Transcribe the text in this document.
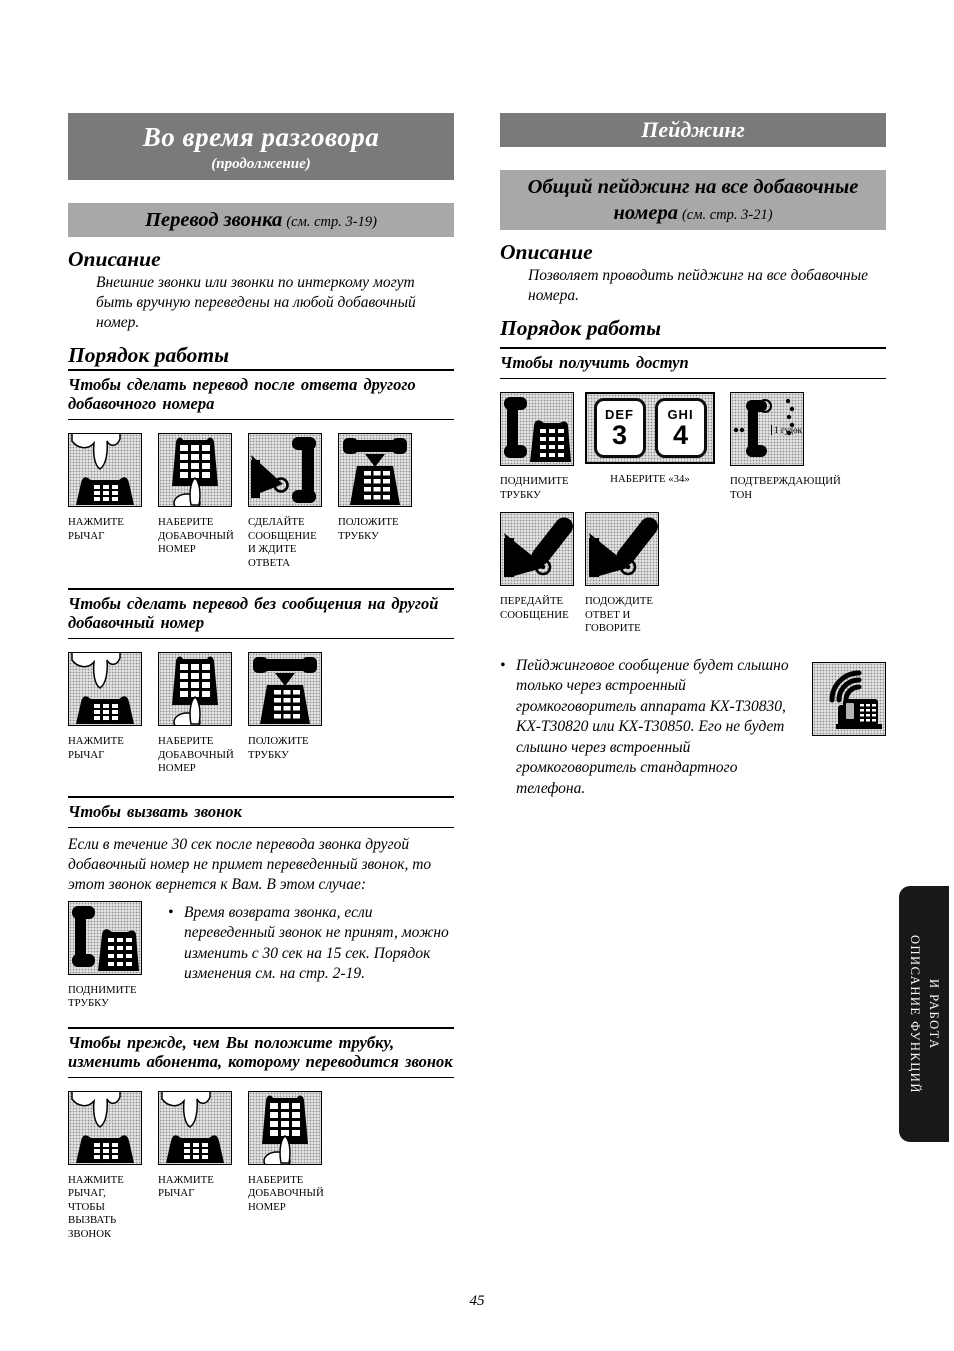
Во время разговора
(продолжение)
Перевод звонка (см. стр. 3-19)
Описание
Внешние звонки или звонки по интеркому могут быть вручную переведены на любой добавочный номер.
Порядок работы
Чтобы сделать перевод после ответа другого добавочного номера
НАЖМИТЕ РЫЧАГ
НАБЕРИТЕ ДОБАВОЧНЫЙ НОМЕР
СДЕЛАЙТЕ СООБЩЕНИЕ И ЖДИТЕ ОТВЕТА
ПОЛОЖИТЕ ТРУБКУ
Чтобы сделать перевод без сообщения на другой добавочный номер
НАЖМИТЕ РЫЧАГ
НАБЕРИТЕ ДОБАВОЧНЫЙ НОМЕР
ПОЛОЖИТЕ ТРУБКУ
Чтобы вызвать звонок
Если в течение 30 сек после перевода звонка другой добавочный номер не примет переведенный звонок, то этот звонок вернется к Вам. В этом случае:
ПОДНИМИТЕ ТРУБКУ
• Время возврата звонка, если переведенный звонок не принят, можно изменить с 30 сек на 15 сек. Порядок изменения см. на стр. 2-19.
Чтобы прежде, чем Вы положите трубку, изменить абонента, которому переводится звонок
НАЖМИТЕ РЫЧАГ, ЧТОБЫ ВЫЗВАТЬ ЗВОНОК
НАЖМИТЕ РЫЧАГ
НАБЕРИТЕ ДОБАВОЧНЫЙ НОМЕР
Пейджинг
Общий пейджинг на все добавочные номера (см. стр. 3-21)
Описание
Позволяет проводить пейджинг на все добавочные номера.
Порядок работы
Чтобы получить доступ
ПОДНИМИТЕ ТРУБКУ
DEF
3
GHI
4
НАБЕРИТЕ «34»
1 гудок
ПОДТВЕРЖДАЮЩИЙ ТОН
ПЕРЕДАЙТЕ СООБЩЕНИЕ
ПОДОЖДИТЕ ОТВЕТ И ГОВОРИТЕ
• Пейджинговое сообщение будет слышно только через встроенный громкоговоритель аппарата KX-T30830, KX-T30820 или KX-T30850. Его не будет слышно через встроенный громкоговоритель стандартного телефона.
ОПИСАНИЕ ФУНКЦИЙ И РАБОТА
45
